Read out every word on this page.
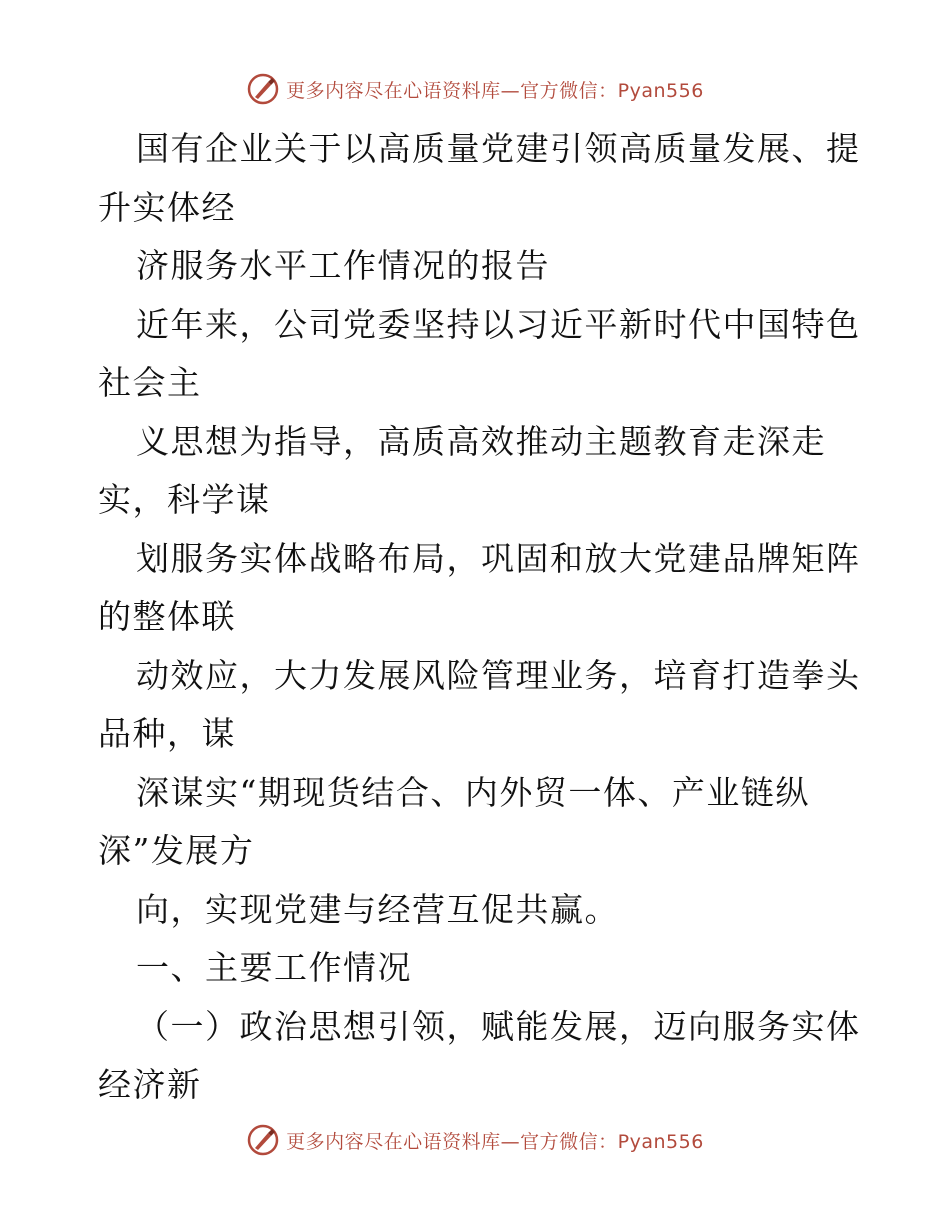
更多内容尽在心语资料库—官方微信：Pyan556
国有企业关于以高质量党建引领高质量发展、提
升实体经
济服务水平工作情况的报告
近年来，公司党委坚持以习近平新时代中国特色
社会主
义思想为指导，高质高效推动主题教育走深走
实，科学谋
划服务实体战略布局，巩固和放大党建品牌矩阵
的整体联
动效应，大力发展风险管理业务，培育打造拳头
品种，谋
深谋实“期现货结合、内外贸一体、产业链纵
深”发展方
向，实现党建与经营互促共赢。
一、主要工作情况
（一）政治思想引领，赋能发展，迈向服务实体
经济新
更多内容尽在心语资料库—官方微信：Pyan556
